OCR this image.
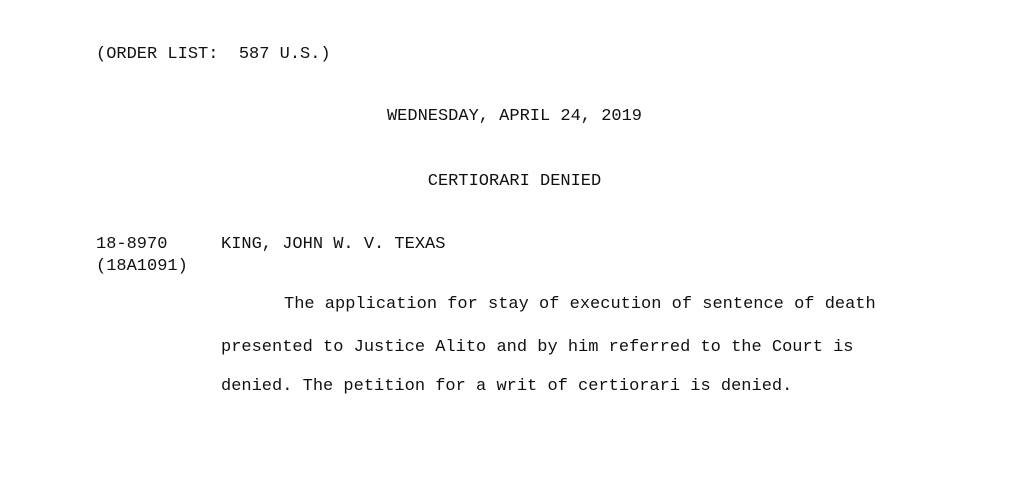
(ORDER LIST:  587 U.S.)
WEDNESDAY, APRIL 24, 2019
CERTIORARI DENIED
18-8970
(18A1091)
KING, JOHN W. V. TEXAS
The application for stay of execution of sentence of death
presented to Justice Alito and by him referred to the Court is
denied. The petition for a writ of certiorari is denied.
